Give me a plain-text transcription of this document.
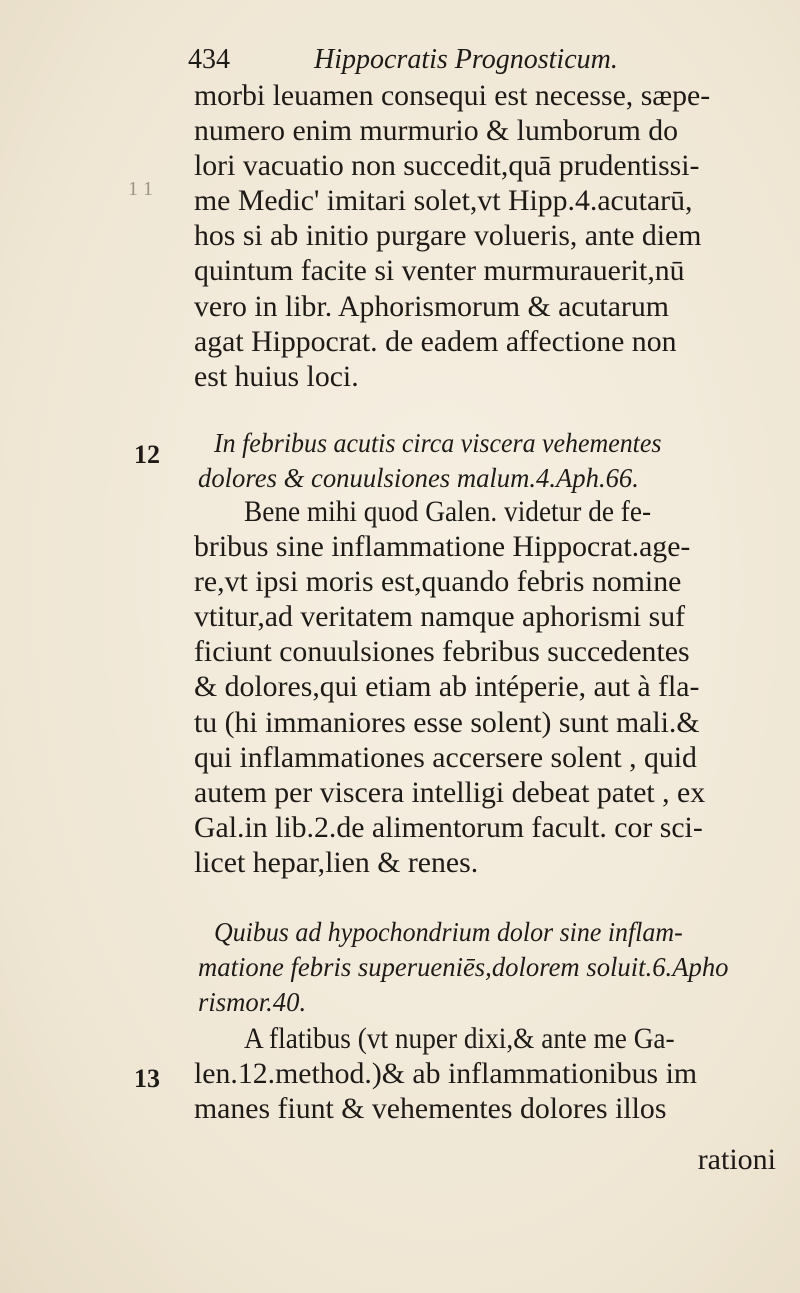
434	Hippocratis Prognosticum.
1 1
12
13
morbi leuamen consequi est necesse, sæpe-
numero enim murmurio & lumborum do
lori vacuatio non succedit,quā prudentissi-
me Medic' imitari solet,vt Hipp.4.acutarū,
hos si ab initio purgare volueris, ante diem
quintum facite si venter murmurauerit,nū
vero in libr. Aphorismorum & acutarum
agat Hippocrat. de eadem affectione non
est huius loci.
In febribus acutis circa viscera vehementes
dolores & conuulsiones malum.4.Aph.66.
Bene mihi quod Galen. videtur de fe-
bribus sine inflammatione Hippocrat.age-
re,vt ipsi moris est,quando febris nomine
vtitur,ad veritatem namque aphorismi suf
ficiunt conuulsiones febribus succedentes
& dolores,qui etiam ab intéperie, aut à fla-
tu (hi immaniores esse solent) sunt mali.&
qui inflammationes accersere solent , quid
autem per viscera intelligi debeat patet , ex
Gal.in lib.2.de alimentorum facult. cor sci-
licet hepar,lien & renes.
Quibus ad hypochondrium dolor sine inflam-
matione febris superueniēs,dolorem soluit.6.Apho
rismor.40.
A flatibus (vt nuper dixi,& ante me Ga-
len.12.method.)& ab inflammationibus im
manes fiunt & vehementes dolores illos
rationi
